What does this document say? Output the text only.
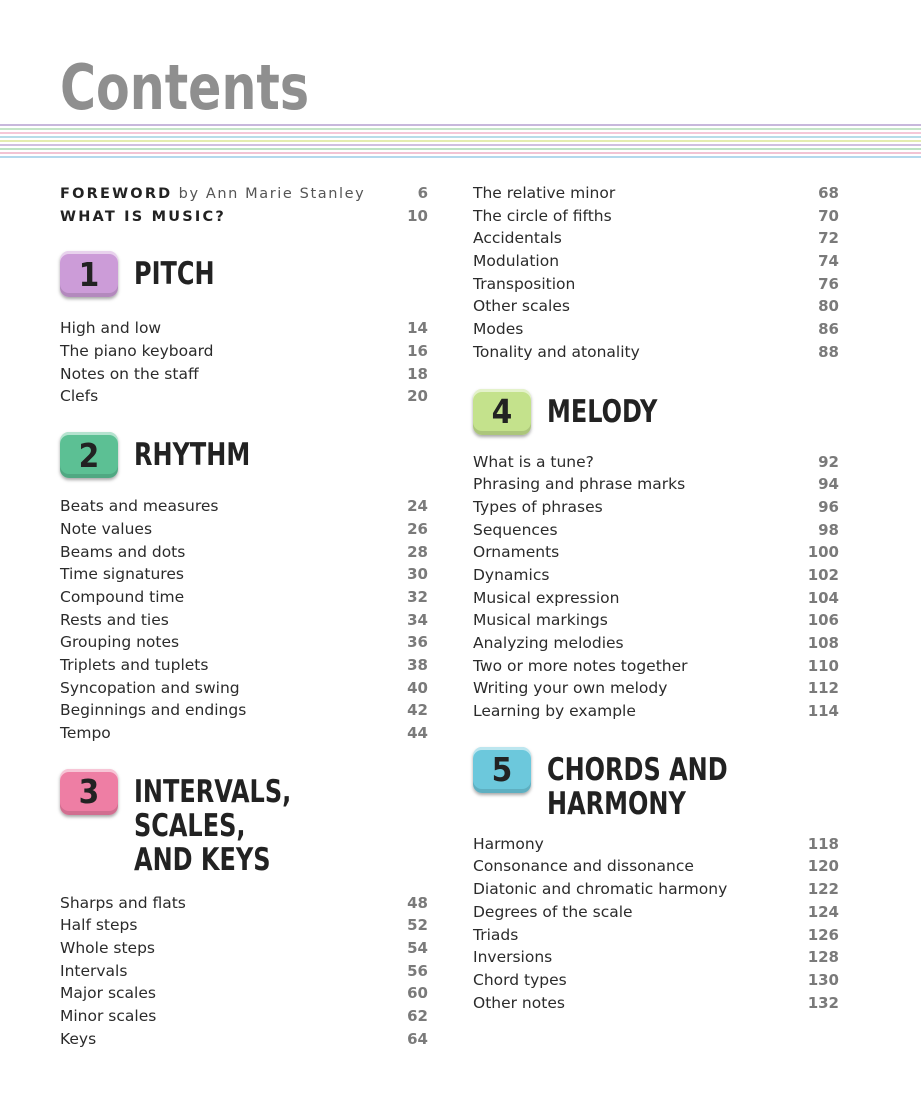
Contents
FOREWORD by Ann Marie Stanley	6
WHAT IS MUSIC?	10
1	PITCH
High and low	14
The piano keyboard	16
Notes on the staff	18
Clefs	20
2	RHYTHM
Beats and measures	24
Note values	26
Beams and dots	28
Time signatures	30
Compound time	32
Rests and ties	34
Grouping notes	36
Triplets and tuplets	38
Syncopation and swing	40
Beginnings and endings	42
Tempo	44
3	INTERVALS, SCALES,
AND KEYS
Sharps and flats	48
Half steps	52
Whole steps	54
Intervals	56
Major scales	60
Minor scales	62
Keys	64
The relative minor	68
The circle of fifths	70
Accidentals	72
Modulation	74
Transposition	76
Other scales	80
Modes	86
Tonality and atonality	88
4	MELODY
What is a tune?	92
Phrasing and phrase marks	94
Types of phrases	96
Sequences	98
Ornaments	100
Dynamics	102
Musical expression	104
Musical markings	106
Analyzing melodies	108
Two or more notes together	110
Writing your own melody	112
Learning by example	114
5	CHORDS AND
HARMONY
Harmony	118
Consonance and dissonance	120
Diatonic and chromatic harmony	122
Degrees of the scale	124
Triads	126
Inversions	128
Chord types	130
Other notes	132
